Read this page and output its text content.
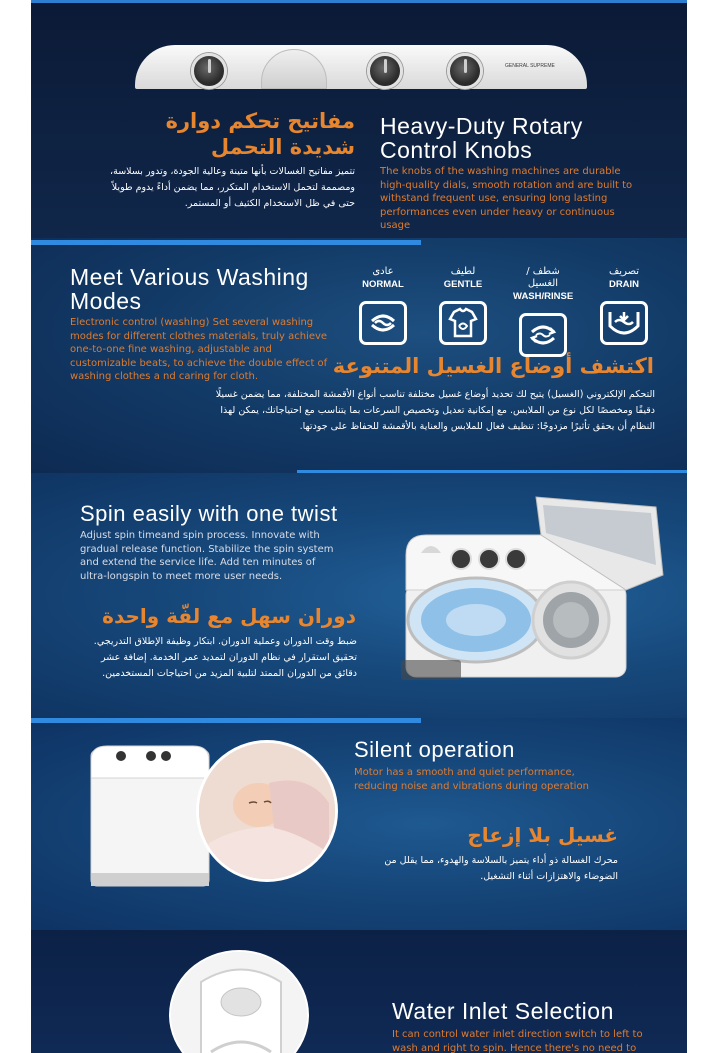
GENERAL SUPREME
مفاتيح تحكم دوارة شديدة التحمل
تتميز مفاتيح الغسالات بأنها متينة وعالية الجودة، وتدور بسلاسة، ومصممة لتحمل الاستخدام المتكرر، مما يضمن أداءً يدوم طويلاً حتى في ظل الاستخدام الكثيف أو المستمر.
Heavy-Duty Rotary Control Knobs
The knobs of the washing machines are durable high-quality dials, smooth rotation and are built to withstand frequent use, ensuring long lasting performances even under heavy or continuous usage
Meet Various Washing Modes
Electronic control (washing) Set several washing modes for different clothes materials, truly achieve one-to-one fine washing, adjustable and customizable beats, to achieve the double effect of washing clothes a nd caring for cloth.
تصريف
DRAIN
شطف / الغسيل
WASH/RINSE
لطيف
GENTLE
عادى
NORMAL
اكتشف أوضاع الغسيل المتنوعة
التحكم الإلكتروني (الغسيل) يتيح لك تحديد أوضاع غسيل مختلفة تناسب أنواع الأقمشة المختلفة، مما يضمن غسيلًا دقيقًا ومخصصًا لكل نوع من الملابس. مع إمكانية تعديل وتخصيص السرعات بما يتناسب مع احتياجاتك، يمكن لهذا النظام أن يحقق تأثيرًا مزدوجًا: تنظيف فعال للملابس والعناية بالأقمشة للحفاظ على جودتها.
Spin easily with one twist
Adjust spin timeand spin process. Innovate with gradual release function. Stabilize the spin system and extend the service life. Add ten minutes of ultra-longspin to meet more user needs.
دوران سهل مع لفّة واحدة
ضبط وقت الدوران وعملية الدوران. ابتكار وظيفة الإطلاق التدريجي. تحقيق استقرار في نظام الدوران لتمديد عمر الخدمة. إضافة عشر دقائق من الدوران الممتد لتلبية المزيد من احتياجات المستخدمين.
Silent operation
Motor has a smooth and quiet performance, reducing noise and vibrations during operation
غسيل بلا إزعاج
محرك الغسالة ذو أداء يتميز بالسلاسة والهدوء، مما يقلل من الضوضاء والاهتزازات أثناء التشغيل.
Water Inlet Selection
It can control water inlet direction switch to left to wash and right to spin. Hence there's no need to
